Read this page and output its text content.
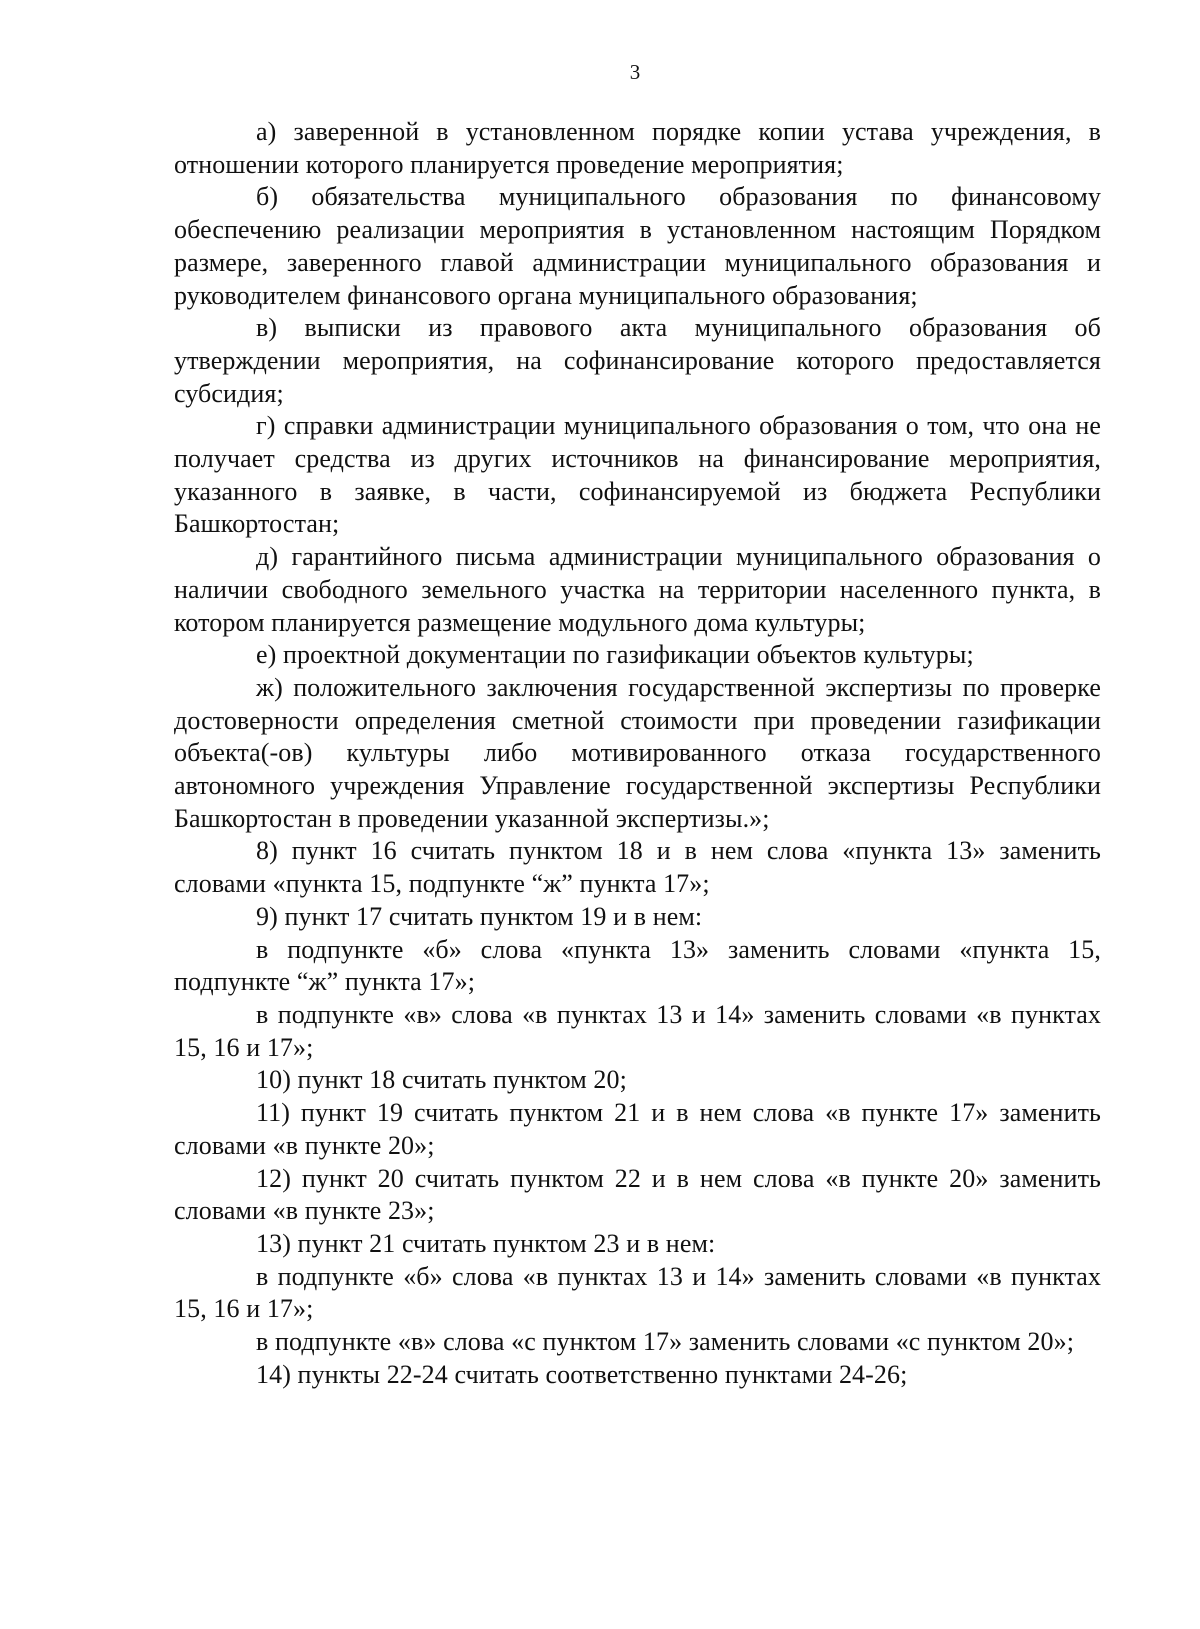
3

а) заверенной в установленном порядке копии устава учреждения, в отношении которого планируется проведение мероприятия;

б) обязательства муниципального образования по финансовому обеспечению реализации мероприятия в установленном настоящим Порядком размере, заверенного главой администрации муниципального образования и руководителем финансового органа муниципального образования;

в) выписки из правового акта муниципального образования об утверждении мероприятия, на софинансирование которого предоставляется субсидия;

г) справки администрации муниципального образования о том, что она не получает средства из других источников на финансирование мероприятия, указанного в заявке, в части, софинансируемой из бюджета Республики Башкортостан;

д) гарантийного письма администрации муниципального образования о наличии свободного земельного участка на территории населенного пункта, в котором планируется размещение модульного дома культуры;

е) проектной документации по газификации объектов культуры;

ж) положительного заключения государственной экспертизы по проверке достоверности определения сметной стоимости при проведении газификации объекта(-ов) культуры либо мотивированного отказа государственного автономного учреждения Управление государственной экспертизы Республики Башкортостан в проведении указанной экспертизы.»;

8) пункт 16 считать пунктом 18 и в нем слова «пункта 13» заменить словами «пункта 15, подпункте “ж” пункта 17»;

9) пункт 17 считать пунктом 19 и в нем:

в подпункте «б» слова «пункта 13» заменить словами «пункта 15, подпункте “ж” пункта 17»;

в подпункте «в» слова «в пунктах 13 и 14» заменить словами «в пунктах 15, 16 и 17»;

10) пункт 18 считать пунктом 20;

11) пункт 19 считать пунктом 21 и в нем слова «в пункте 17» заменить словами «в пункте 20»;

12) пункт 20 считать пунктом 22 и в нем слова «в пункте 20» заменить словами «в пункте 23»;

13) пункт 21 считать пунктом 23 и в нем:

в подпункте «б» слова «в пунктах 13 и 14» заменить словами «в пунктах 15, 16 и 17»;

в подпункте «в» слова «с пунктом 17» заменить словами «с пунктом 20»;

14) пункты 22-24 считать соответственно пунктами 24-26;
